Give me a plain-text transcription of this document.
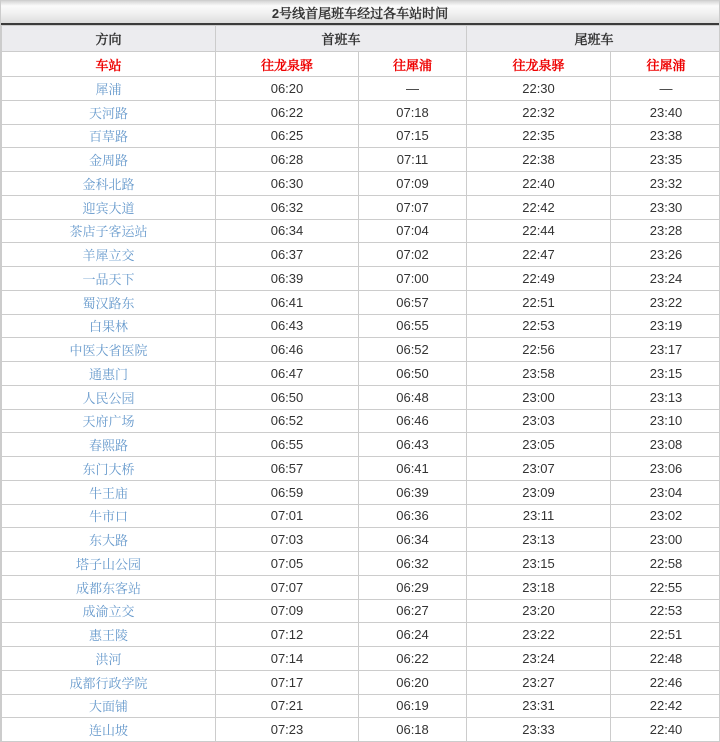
2号线首尾班车经过各车站时间
方向	首班车		尾班车	
车站	往龙泉驿	往犀浦	往龙泉驿	往犀浦
犀浦	06:20	—	22:30	—
天河路	06:22	07:18	22:32	23:40
百草路	06:25	07:15	22:35	23:38
金周路	06:28	07:11	22:38	23:35
金科北路	06:30	07:09	22:40	23:32
迎宾大道	06:32	07:07	22:42	23:30
茶店子客运站	06:34	07:04	22:44	23:28
羊犀立交	06:37	07:02	22:47	23:26
一品天下	06:39	07:00	22:49	23:24
蜀汉路东	06:41	06:57	22:51	23:22
白果林	06:43	06:55	22:53	23:19
中医大省医院	06:46	06:52	22:56	23:17
通惠门	06:47	06:50	23:58	23:15
人民公园	06:50	06:48	23:00	23:13
天府广场	06:52	06:46	23:03	23:10
春熙路	06:55	06:43	23:05	23:08
东门大桥	06:57	06:41	23:07	23:06
牛王庙	06:59	06:39	23:09	23:04
牛市口	07:01	06:36	23:11	23:02
东大路	07:03	06:34	23:13	23:00
塔子山公园	07:05	06:32	23:15	22:58
成都东客站	07:07	06:29	23:18	22:55
成渝立交	07:09	06:27	23:20	22:53
惠王陵	07:12	06:24	23:22	22:51
洪河	07:14	06:22	23:24	22:48
成都行政学院	07:17	06:20	23:27	22:46
大面铺	07:21	06:19	23:31	22:42
连山坡	07:23	06:18	23:33	22:40
